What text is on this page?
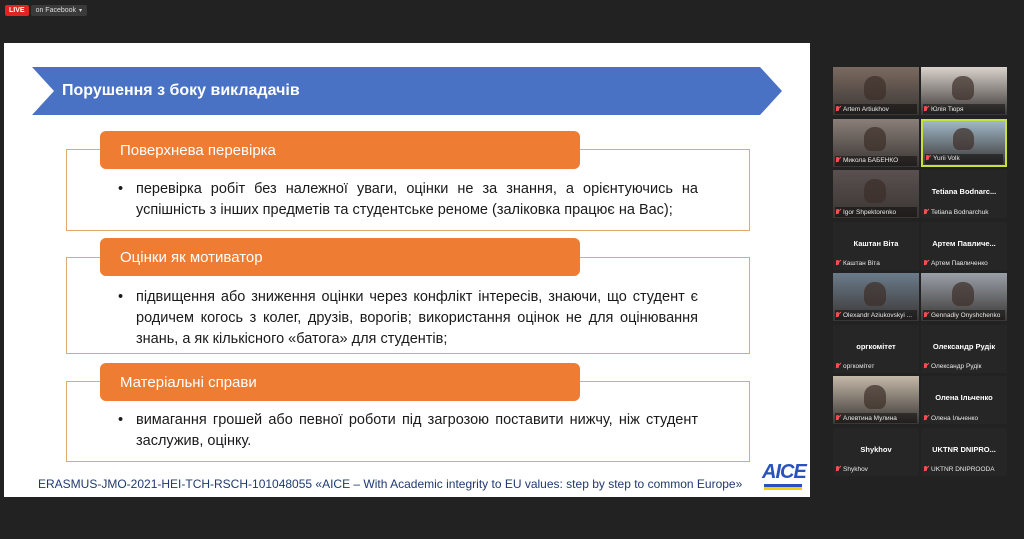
LIVE	on Facebook ▾
Порушення з боку викладачів
Поверхнева перевірка
• перевірка робіт без належної уваги, оцінки не за знання, а орієнтуючись на успішність з інших предметів та студентське реноме (заліковка працює на Вас);
Оцінки як мотиватор
• підвищення або зниження оцінки через конфлікт інтересів, знаючи, що студент є родичем когось з колег, друзів, ворогів; використання оцінок не для оцінювання знань, а як кількісного «батога» для студентів;
Матеріальні справи
• вимагання грошей або певної роботи під загрозою поставити нижчу, ніж студент заслужив, оцінку.
ERASMUS-JMO-2021-HEI-TCH-RSCH-101048055 «AICE – With Academic integrity to EU values: step by step to common Europe»
AICE
Artem Artiukhov	Юлія Тюря
Микола БАБЕНКО	Yurii Volk
Igor Shpektorenko
Tetiana Bodnarc...
Tetiana Bodnarchuk
Каштан Віта
Каштан Віта
Артем Павличе...
Артем Павличенко
Olexandr Aziukovskyi ...	Gennadiy Onyshchenko
оргкомітет
оргкомітет
Олександр Рудік
Олександр Рудік
Алевтина Мулина
Олена Ільченко
Олена Ільченко
Shykhov
Shykhov
UKTNR DNIPRO...
UKTNR DNIPROODA
